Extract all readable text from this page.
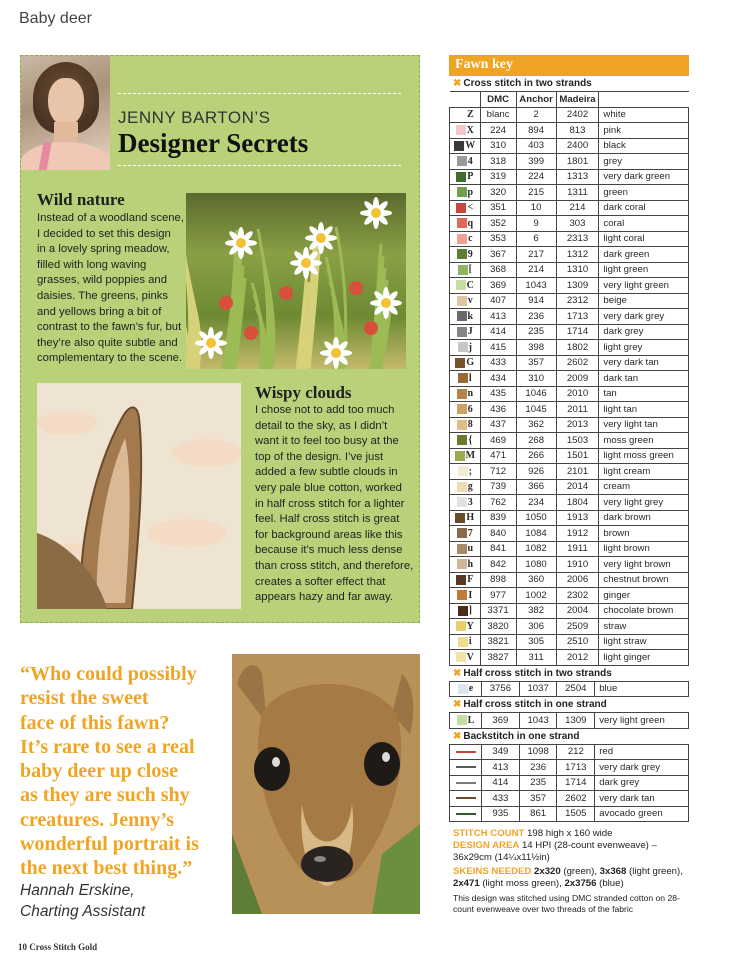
Baby deer
JENNY BARTON’S
Designer Secrets
Wild nature
Instead of a woodland scene,
I decided to set this design
in a lovely spring meadow,
filled with long waving
grasses, wild poppies and
daisies. The greens, pinks
and yellows bring a bit of
contrast to the fawn’s fur, but
they’re also quite subtle and
complementary to the scene.
Wispy clouds
I chose not to add too much
detail to the sky, as I didn’t
want it to feel too busy at the
top of the design. I’ve just
added a few subtle clouds in
very pale blue cotton, worked
in half cross stitch for a lighter
feel. Half cross stitch is great
for background areas like this
because it’s much less dense
than cross stitch, and therefore,
creates a softer effect that
appears hazy and far away.
“Who could possibly
resist the sweet
face of this fawn?
It’s rare to see a real
baby deer up close
as they are such shy
creatures. Jenny’s
wonderful portrait is
the next best thing.”
Hannah Erskine,
Charting Assistant
Fawn key
✖ Cross stitch in two strands
	DMC	Anchor	Madeira	
Z	blanc	2	2402	white
X	224	894	813	pink
W	310	403	2400	black
4	318	399	1801	grey
P	319	224	1313	very dark green
p	320	215	1311	green
<	351	10	214	dark coral
q	352	9	303	coral
c	353	6	2313	light coral
9	367	217	1312	dark green
[	368	214	1310	light green
C	369	1043	1309	very light green
v	407	914	2312	beige
k	413	236	1713	very dark grey
J	414	235	1714	dark grey
j	415	398	1802	light grey
G	433	357	2602	very dark tan
l	434	310	2009	dark tan
n	435	1046	2010	tan
6	436	1045	2011	light tan
8	437	362	2013	very light tan
{	469	268	1503	moss green
M	471	266	1501	light moss green
;	712	926	2101	light cream
g	739	366	2014	cream
3	762	234	1804	very light grey
H	839	1050	1913	dark brown
7	840	1084	1912	brown
u	841	1082	1911	light brown
h	842	1080	1910	very light brown
F	898	360	2006	chestnut brown
I	977	1002	2302	ginger
]	3371	382	2004	chocolate brown
Y	3820	306	2509	straw
i	3821	305	2510	light straw
V	3827	311	2012	light ginger
✖ Half cross stitch in two strands
e	3756	1037	2504	blue
✖ Half cross stitch in one strand
L	369	1043	1309	very light green
✖ Backstitch in one strand
	349	1098	212	red
	413	236	1713	very dark grey
	414	235	1714	dark grey
	433	357	2602	very dark tan
	935	861	1505	avocado green
STITCH COUNT 198 high x 160 wide
DESIGN AREA 14 HPI (28-count evenweave) – 36x29cm (14¼x11½in)
SKEINS NEEDED 2x320 (green), 3x368 (light green), 2x471 (light moss green), 2x3756 (blue)
This design was stitched using DMC stranded cotton on 28-count evenweave over two threads of the fabric
10 Cross Stitch Gold
